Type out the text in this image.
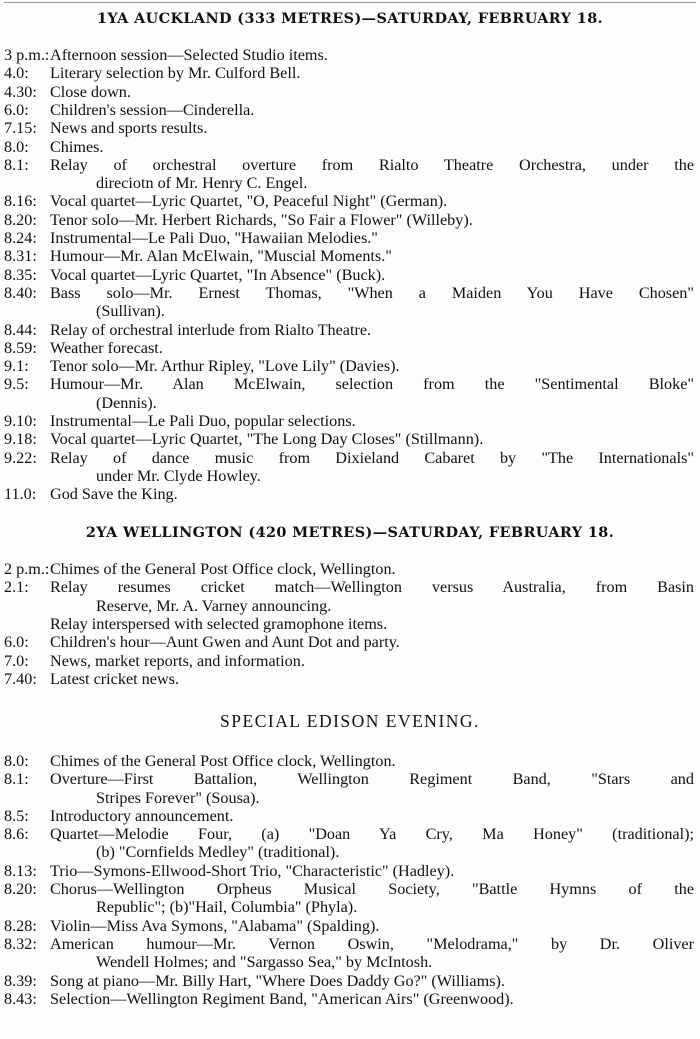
1YA AUCKLAND (333 METRES)—SATURDAY, FEBRUARY 18.
3 p.m.: Afternoon session—Selected Studio items.
4.0:	Literary selection by Mr. Culford Bell.
4.30: Close down.
6.0:	Children's session—Cinderella.
7.15: News and sports results.
8.0:	Chimes.
8.1: Relay of orchestral overture from Rialto Theatre Orchestra, under the
direciotn of Mr. Henry C. Engel.
8.16: Vocal quartet—Lyric Quartet, "O, Peaceful Night" (German).
8.20: Tenor solo—Mr. Herbert Richards, "So Fair a Flower" (Willeby).
8.24: Instrumental—Le Pali Duo, "Hawaiian Melodies."
8.31: Humour—Mr. Alan McElwain, "Muscial Moments."
8.35: Vocal quartet—Lyric Quartet, "In Absence" (Buck).
8.40: Bass solo—Mr. Ernest Thomas, "When a Maiden You Have Chosen"
(Sullivan).
8.44: Relay of orchestral interlude from Rialto Theatre.
8.59: Weather forecast.
9.1:	Tenor solo—Mr. Arthur Ripley, "Love Lily" (Davies).
9.5: Humour—Mr. Alan McElwain, selection from the "Sentimental Bloke"
(Dennis).
9.10: Instrumental—Le Pali Duo, popular selections.
9.18: Vocal quartet—Lyric Quartet, "The Long Day Closes" (Stillmann).
9.22: Relay of dance music from Dixieland Cabaret by "The Internationals"
under Mr. Clyde Howley.
11.0: God Save the King.
2YA WELLINGTON (420 METRES)—SATURDAY, FEBRUARY 18.
2 p.m.: Chimes of the General Post Office clock, Wellington.
2.1: Relay resumes cricket match—Wellington versus Australia, from Basin
Reserve, Mr. A. Varney announcing.
Relay interspersed with selected gramophone items.
6.0:	Children's hour—Aunt Gwen and Aunt Dot and party.
7.0:	News, market reports, and information.
7.40: Latest cricket news.
SPECIAL EDISON EVENING.
8.0:	Chimes of the General Post Office clock, Wellington.
8.1: Overture—First Battalion, Wellington Regiment Band, "Stars and
Stripes Forever" (Sousa).
8.5:	Introductory announcement.
8.6: Quartet—Melodie Four, (a) "Doan Ya Cry, Ma Honey" (traditional);
(b) "Cornfields Medley" (traditional).
8.13: Trio—Symons-Ellwood-Short Trio, "Characteristic" (Hadley).
8.20: Chorus—Wellington Orpheus Musical Society, "Battle Hymns of the
Republic"; (b)"Hail, Columbia" (Phyla).
8.28: Violin—Miss Ava Symons, "Alabama" (Spalding).
8.32: American humour—Mr. Vernon Oswin, "Melodrama," by Dr. Oliver
Wendell Holmes; and "Sargasso Sea," by McIntosh.
8.39: Song at piano—Mr. Billy Hart, "Where Does Daddy Go?" (Williams).
8.43: Selection—Wellington Regiment Band, "American Airs" (Greenwood).
